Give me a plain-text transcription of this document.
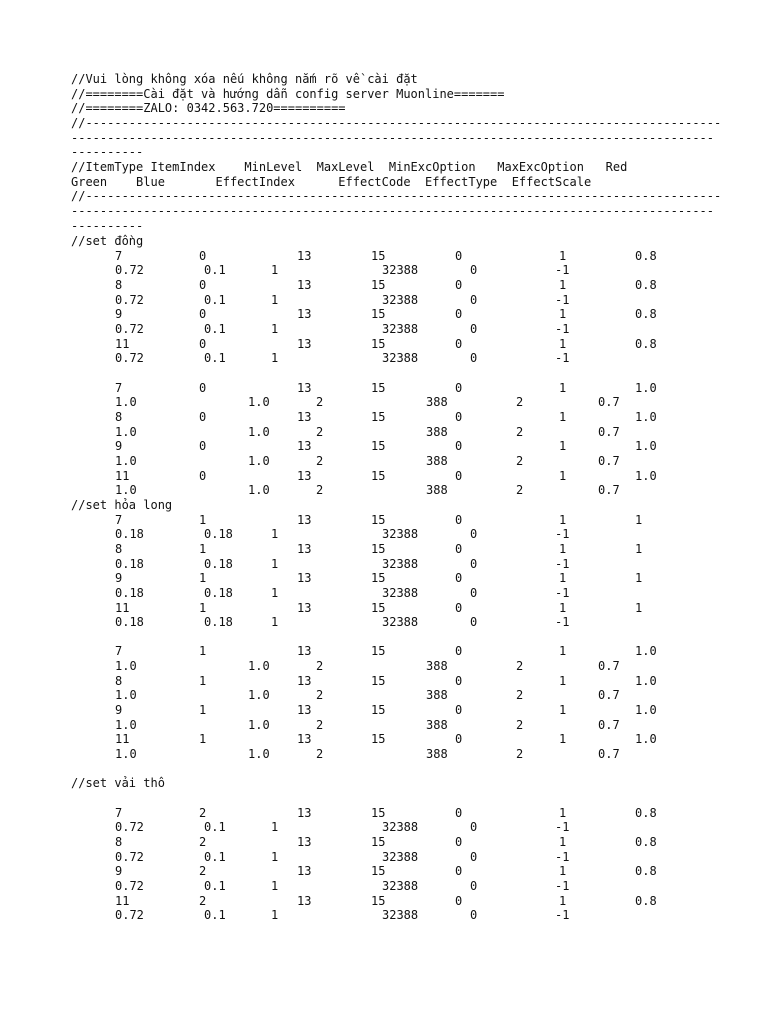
//Vui lòng không xóa nếu không nắm rõ về cài đặt
//========Cài đặt và hướng dẫn config server Muonline=======
//========ZALO: 0342.563.720==========
//----------------------------------------------------------------------------------------
-----------------------------------------------------------------------------------------
----------
//ItemType ItemIndex    MinLevel  MaxLevel  MinExcOption   MaxExcOption   Red
Green    Blue       EffectIndex      EffectCode  EffectType  EffectScale
//----------------------------------------------------------------------------------------
-----------------------------------------------------------------------------------------
----------
//set đồng
7	0	13	15	0	1	0.8
0.72	0.1	1	32388	0	-1
8	0	13	15	0	1	0.8
0.72	0.1	1	32388	0	-1
9	0	13	15	0	1	0.8
0.72	0.1	1	32388	0	-1
11	0	13	15	0	1	0.8
0.72	0.1	1	32388	0	-1
7	0	13	15	0	1	1.0
1.0	1.0	2	388	2	0.7
8	0	13	15	0	1	1.0
1.0	1.0	2	388	2	0.7
9	0	13	15	0	1	1.0
1.0	1.0	2	388	2	0.7
11	0	13	15	0	1	1.0
1.0	1.0	2	388	2	0.7
//set hỏa long
7	1	13	15	0	1	1
0.18	0.18	1	32388	0	-1
8	1	13	15	0	1	1
0.18	0.18	1	32388	0	-1
9	1	13	15	0	1	1
0.18	0.18	1	32388	0	-1
11	1	13	15	0	1	1
0.18	0.18	1	32388	0	-1
7	1	13	15	0	1	1.0
1.0	1.0	2	388	2	0.7
8	1	13	15	0	1	1.0
1.0	1.0	2	388	2	0.7
9	1	13	15	0	1	1.0
1.0	1.0	2	388	2	0.7
11	1	13	15	0	1	1.0
1.0	1.0	2	388	2	0.7
//set vải thô
7	2	13	15	0	1	0.8
0.72	0.1	1	32388	0	-1
8	2	13	15	0	1	0.8
0.72	0.1	1	32388	0	-1
9	2	13	15	0	1	0.8
0.72	0.1	1	32388	0	-1
11	2	13	15	0	1	0.8
0.72	0.1	1	32388	0	-1
